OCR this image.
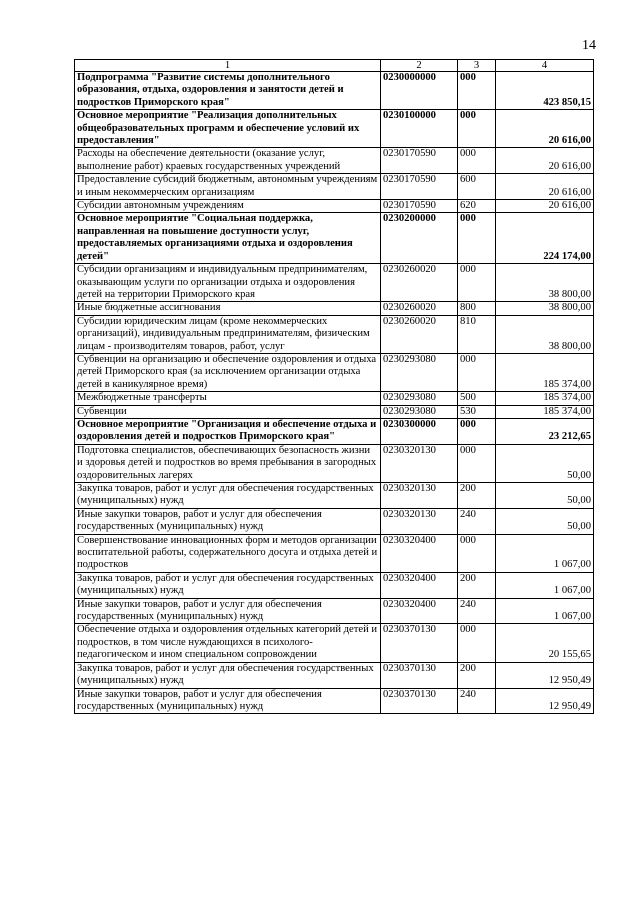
14
1	2	3	4
Подпрограмма "Развитие системы дополнительного образования, отдыха, оздоровления и занятости детей и подростков Приморского края"	0230000000	000	423 850,15
Основное мероприятие "Реализация дополнительных общеобразовательных программ и обеспечение условий их предоставления"	0230100000	000	20 616,00
Расходы на обеспечение деятельности (оказание услуг, выполнение работ) краевых государственных учреждений	0230170590	000	20 616,00
Предоставление субсидий бюджетным, автономным учреждениям и иным некоммерческим организациям	0230170590	600	20 616,00
Субсидии автономным учреждениям	0230170590	620	20 616,00
Основное мероприятие "Социальная поддержка, направленная на повышение доступности услуг, предоставляемых организациями отдыха и оздоровления детей"	0230200000	000	224 174,00
Субсидии организациям и индивидуальным предпринимателям, оказывающим услуги по организации отдыха и оздоровления детей на территории Приморского края	0230260020	000	38 800,00
Иные бюджетные ассигнования	0230260020	800	38 800,00
Субсидии юридическим лицам (кроме некоммерческих организаций), индивидуальным предпринимателям, физическим лицам - производителям товаров, работ, услуг	0230260020	810	38 800,00
Субвенции на организацию и обеспечение оздоровления и отдыха детей Приморского края (за исключением организации отдыха детей в каникулярное время)	0230293080	000	185 374,00
Межбюджетные трансферты	0230293080	500	185 374,00
Субвенции	0230293080	530	185 374,00
Основное мероприятие "Организация и обеспечение отдыха и оздоровления детей и подростков Приморского края"	0230300000	000	23 212,65
Подготовка специалистов, обеспечивающих безопасность жизни и здоровья детей и подростков во время пребывания в загородных оздоровительных лагерях	0230320130	000	50,00
Закупка товаров, работ и услуг для обеспечения государственных (муниципальных) нужд	0230320130	200	50,00
Иные закупки товаров, работ и услуг для обеспечения государственных (муниципальных) нужд	0230320130	240	50,00
Совершенствование инновационных форм и методов организации воспитательной работы, содержательного досуга и отдыха детей и подростков	0230320400	000	1 067,00
Закупка товаров, работ и услуг для обеспечения государственных (муниципальных) нужд	0230320400	200	1 067,00
Иные закупки товаров, работ и услуг для обеспечения государственных (муниципальных) нужд	0230320400	240	1 067,00
Обеспечение отдыха и оздоровления отдельных категорий детей и подростков, в том числе нуждающихся в психолого-педагогическом и ином специальном сопровождении	0230370130	000	20 155,65
Закупка товаров, работ и услуг для обеспечения государственных (муниципальных) нужд	0230370130	200	12 950,49
Иные закупки товаров, работ и услуг для обеспечения государственных (муниципальных) нужд	0230370130	240	12 950,49
